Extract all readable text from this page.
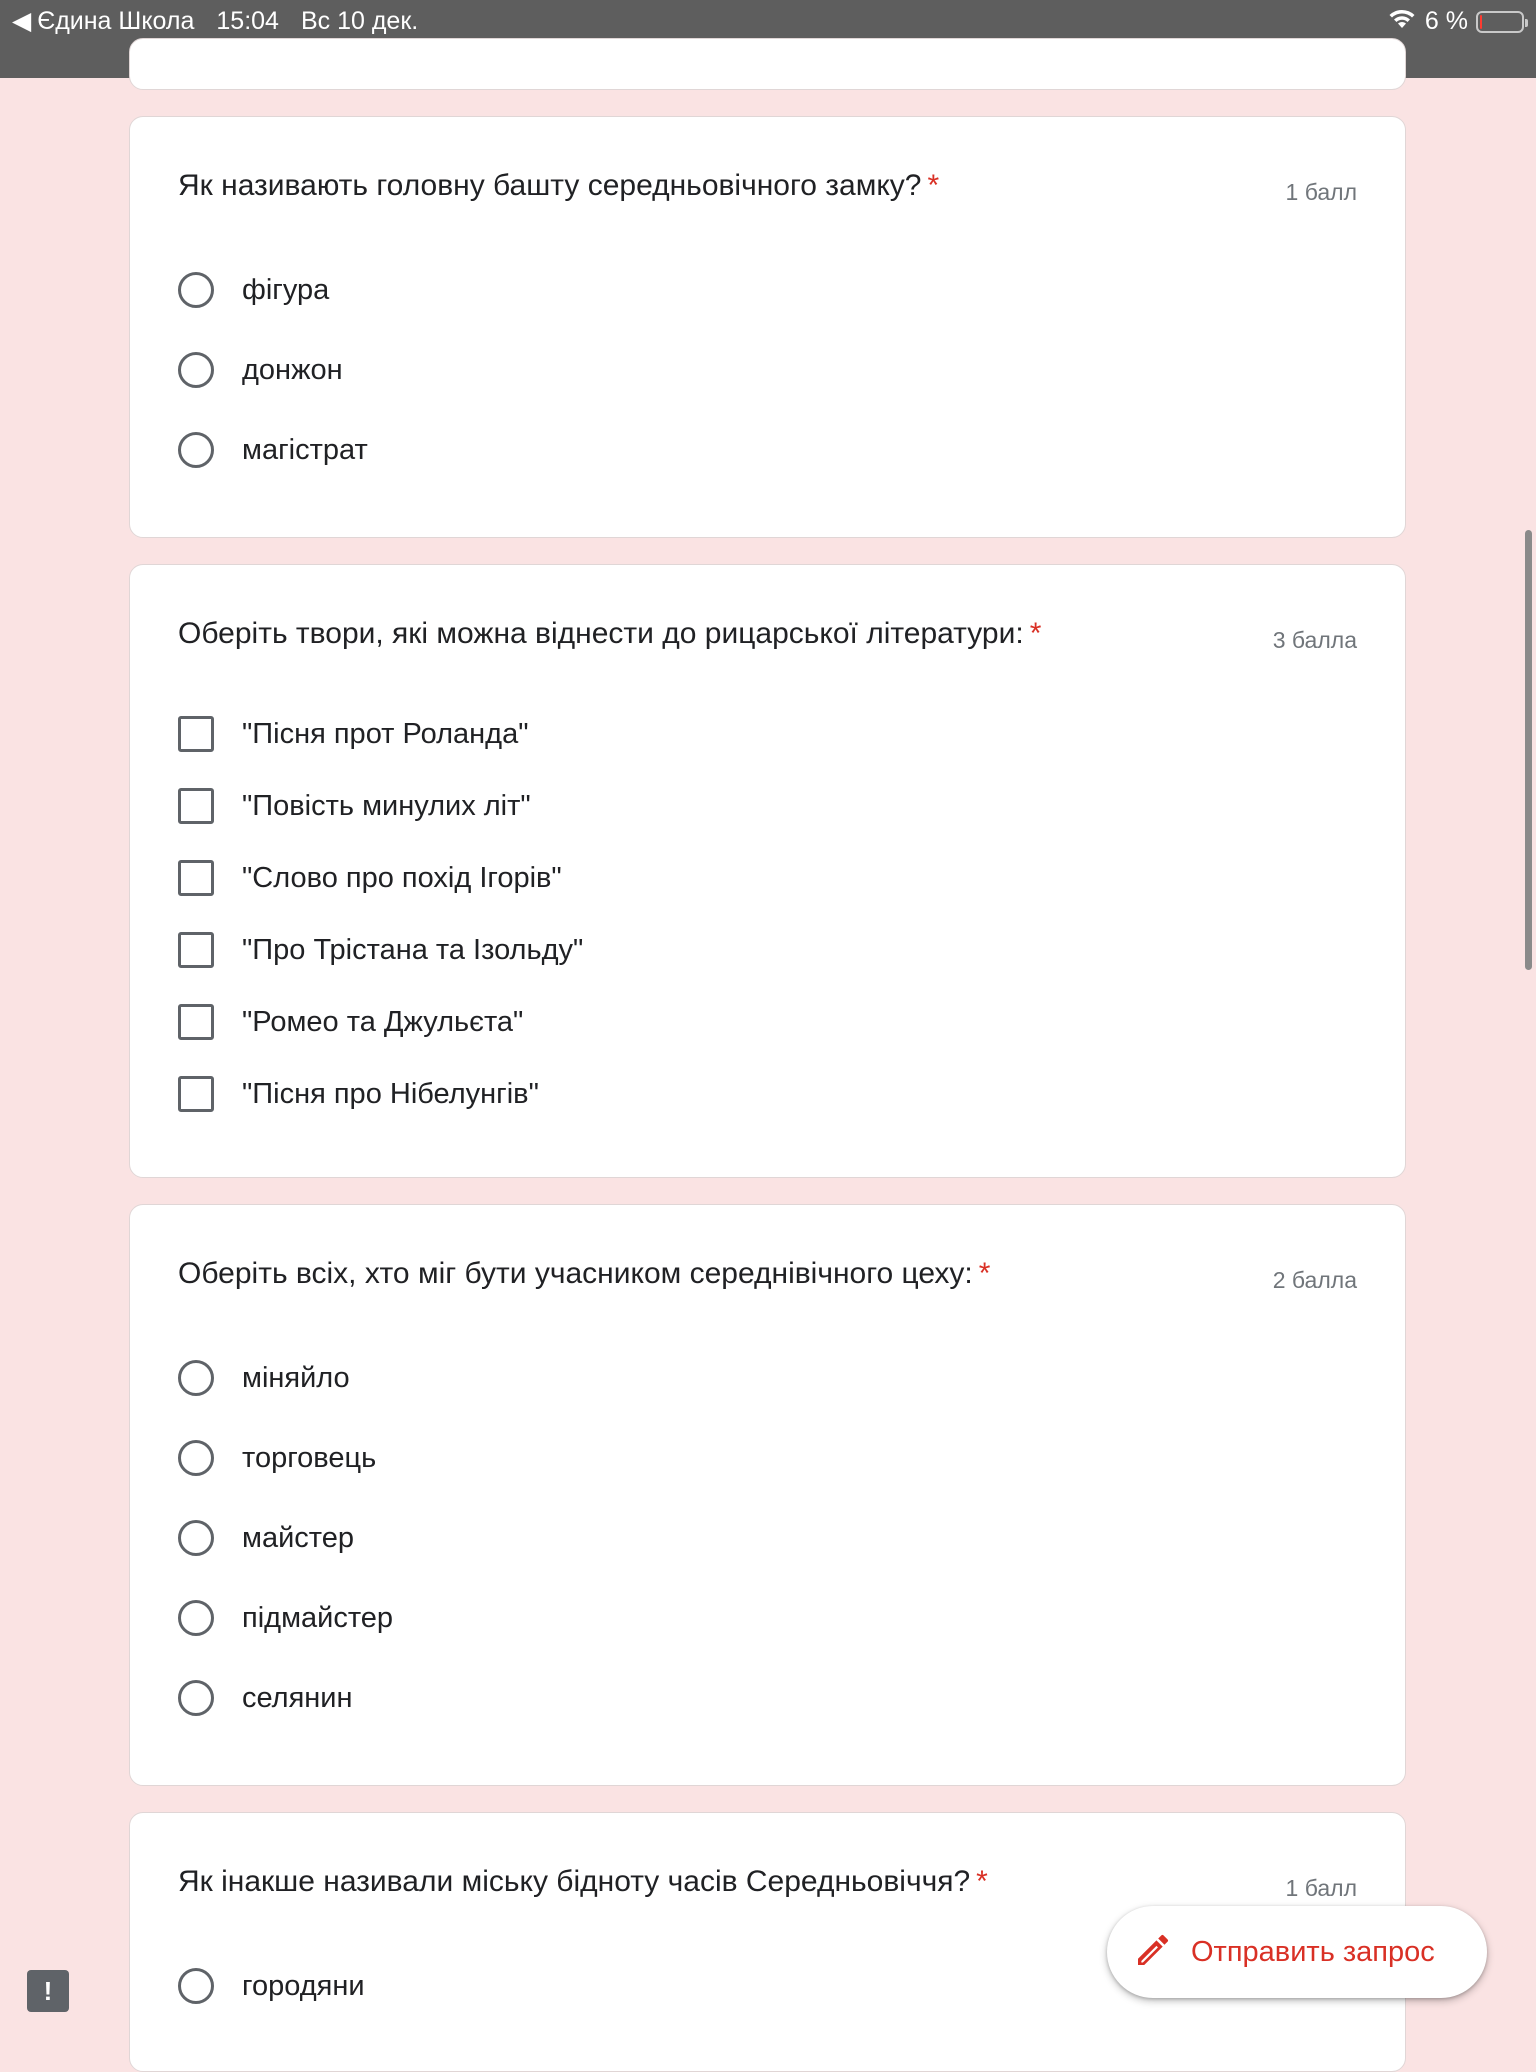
◀ Єдина Школа 15:04 Вс 10 дек.	6 %
Як називають головну башту середньовічного замку? *	1 балл
фігура
донжон
магістрат
Оберіть твори, які можна віднести до рицарської літератури: *	3 балла
"Пісня прот Роланда"
"Повість минулих літ"
"Слово про похід Ігорів"
"Про Трістана та Ізольду"
"Ромео та Джульєта"
"Пісня про Нібелунгів"
Оберіть всіх, хто міг бути учасником середнівічного цеху: *	2 балла
міняйло
торговець
майстер
підмайстер
селянин
Як інакше називали міську бідноту часів Середньовіччя? *	1 балл
городяни
!
Отправить запрос
